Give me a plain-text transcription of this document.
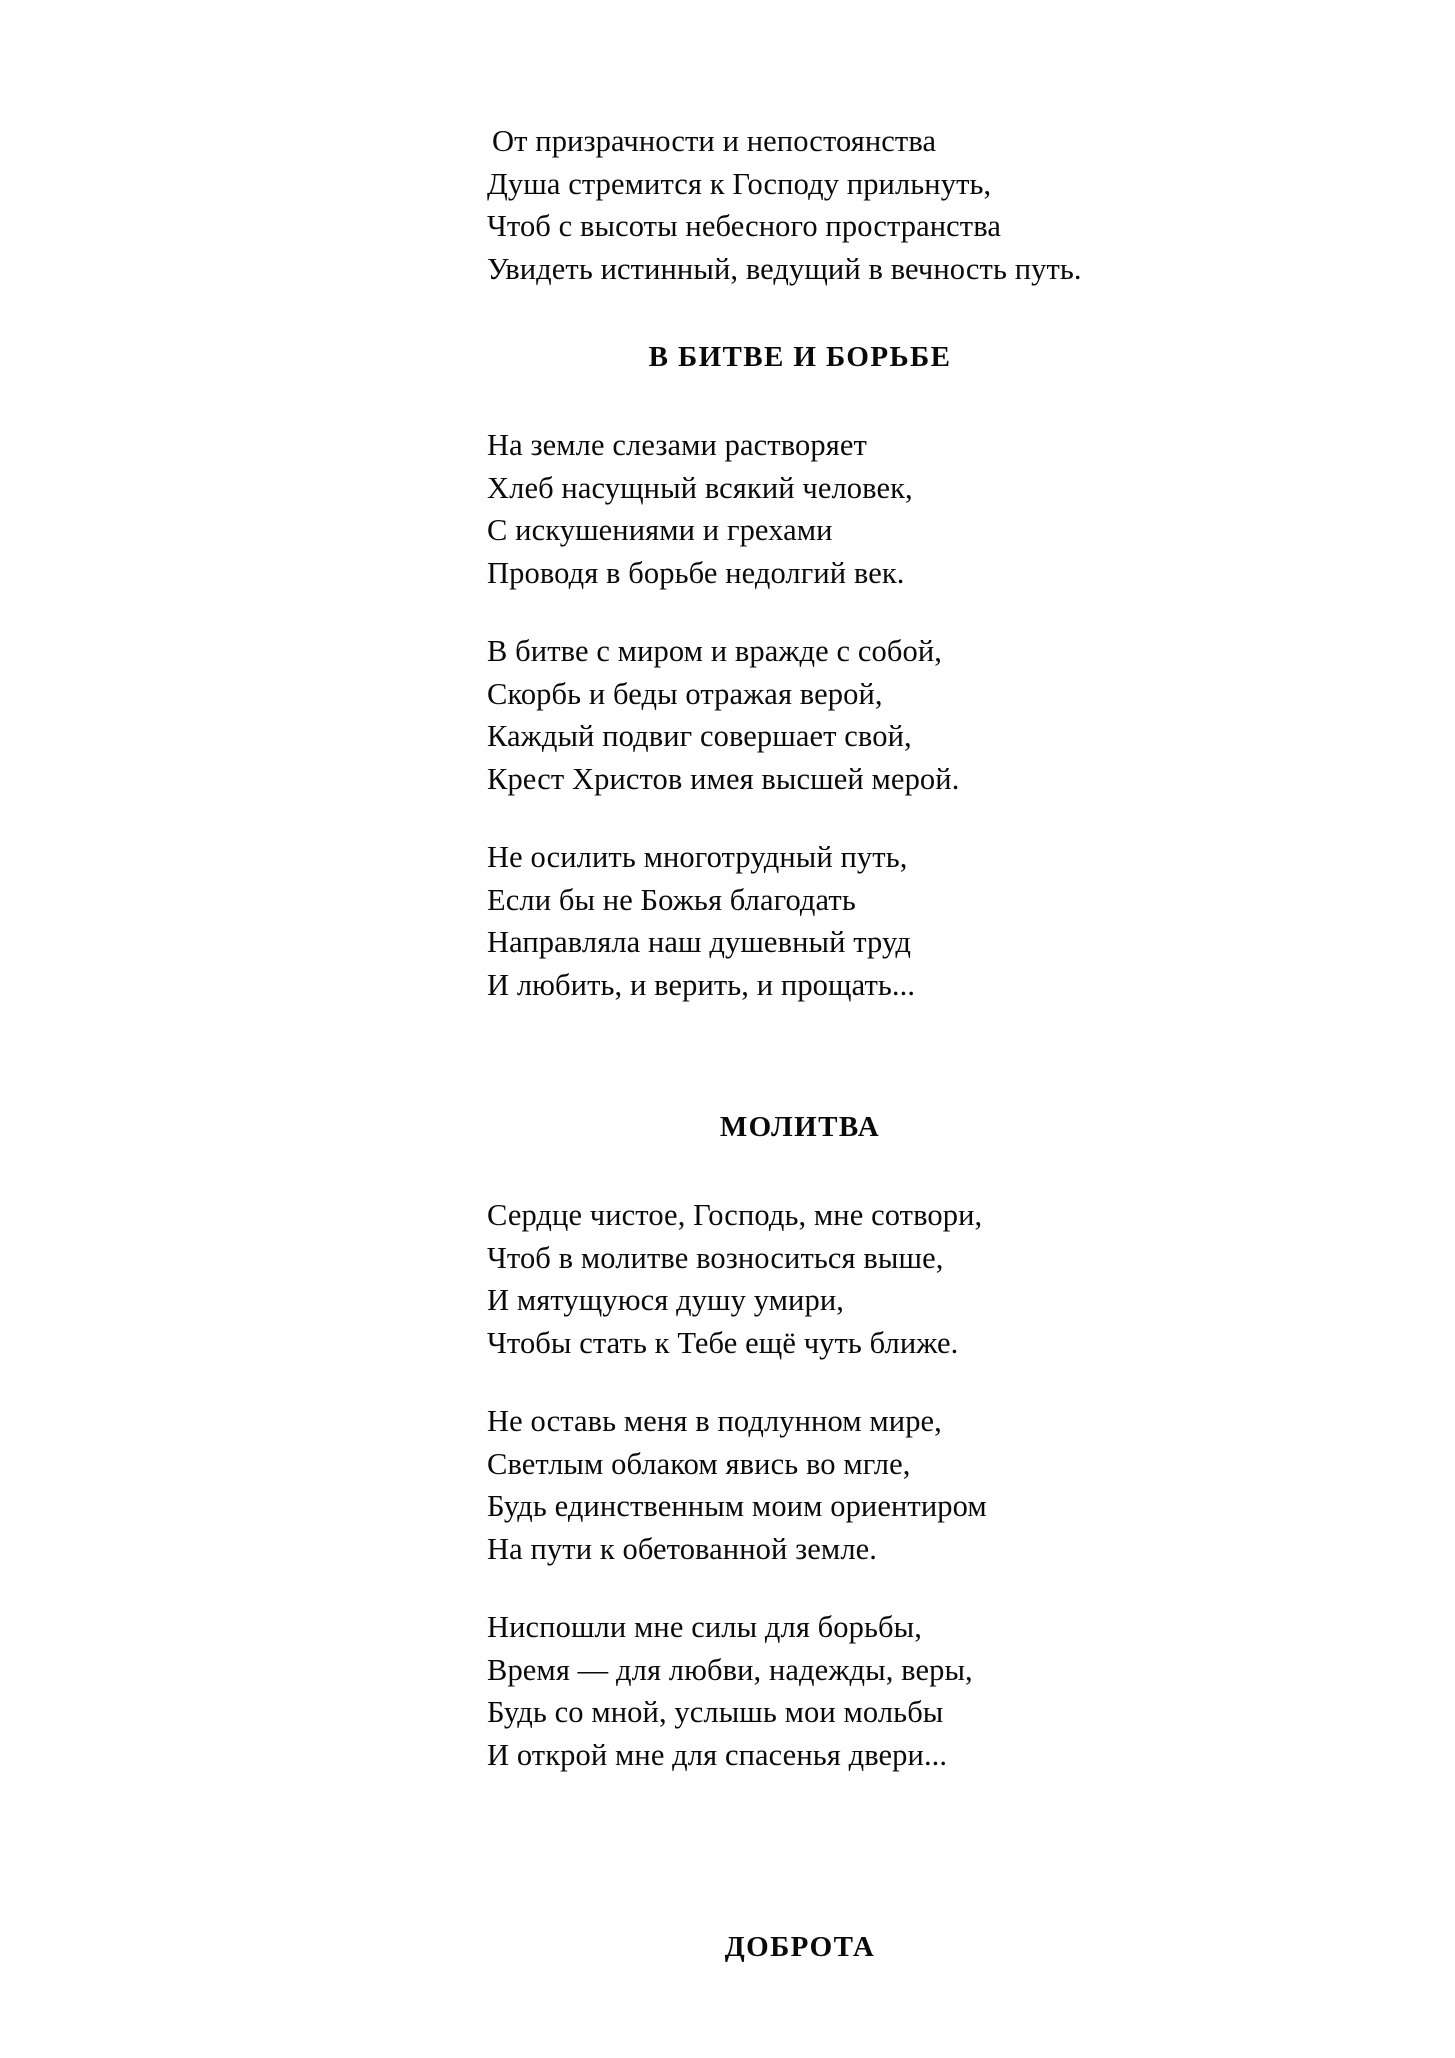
От призрачности и непостоянства
Душа стремится к Господу прильнуть,
Чтоб с высоты небесного пространства
Увидеть истинный, ведущий в вечность путь.
В БИТВЕ И БОРЬБЕ
На земле слезами растворяет
Хлеб насущный всякий человек,
С искушениями и грехами
Проводя в борьбе недолгий век.
В битве с миром и вражде с собой,
Скорбь и беды отражая верой,
Каждый подвиг совершает свой,
Крест Христов имея высшей мерой.
Не осилить многотрудный путь,
Если бы не Божья благодать
Направляла наш душевный труд
И любить, и верить, и прощать...
МОЛИТВА
Сердце чистое, Господь, мне сотвори,
Чтоб в молитве возноситься выше,
И мятущуюся душу умири,
Чтобы стать к Тебе ещё чуть ближе.
Не оставь меня в подлунном мире,
Светлым облаком явись во мгле,
Будь единственным моим ориентиром
На пути к обетованной земле.
Ниспошли мне силы для борьбы,
Время — для любви, надежды, веры,
Будь со мной, услышь мои мольбы
И открой мне для спасенья двери...
ДОБРОТА
